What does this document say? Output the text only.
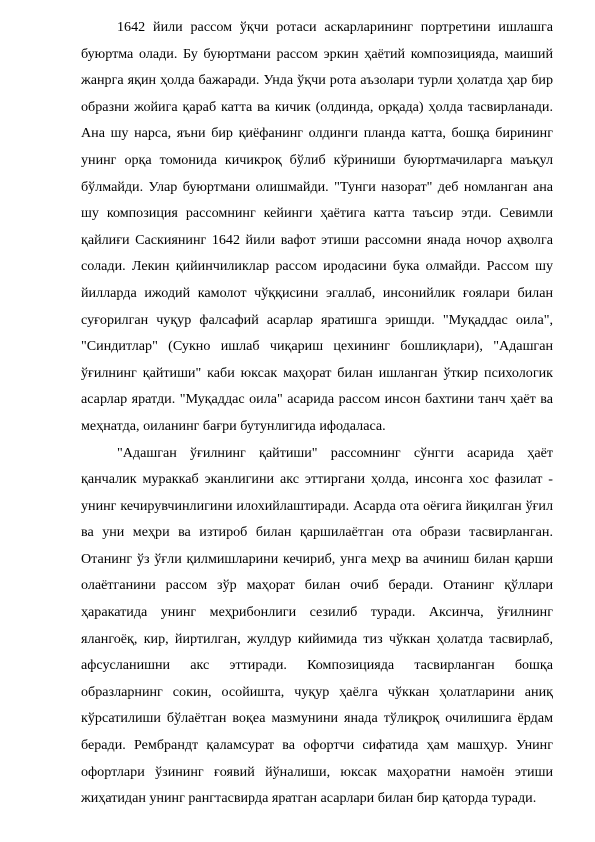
1642 йили рассом ўқчи ротаси аскарларининг портретини ишлашга буюртма олади. Бу буюртмани рассом эркин ҳаётий композицияда, маиший жанрга яқин ҳолда бажаради. Унда ўқчи рота аъзолари турли ҳолатда ҳар бир образни жойига қараб катта ва кичик (олдинда, орқада) ҳолда тасвирланади. Ана шу нарса, яъни бир қиёфанинг олдинги планда катта, бошқа бирининг унинг орқа томонида кичикроқ бўлиб кўриниши буюртмачиларга маъқул бўлмайди. Улар буюртмани олишмайди. "Тунги назорат" деб номланган ана шу композиция рассомнинг кейинги ҳаётига катта таъсир этди. Севимли қайлиғи Саскиянинг 1642 йили вафот этиши рассомни янада ночор аҳволга солади. Лекин қийинчиликлар рассом иродасини бука олмайди. Рассом шу йилларда ижодий камолот чўққисини эгаллаб, инсонийлик ғоялари билан суғорилган чуқур фалсафий асарлар яратишга эришди. "Муқаддас оила", "Синдитлар" (Сукно ишлаб чиқариш цехининг бошлиқлари), "Адашган ўғилнинг қайтиши" каби юксак маҳорат билан ишланган ўткир психологик асарлар яратди. "Муқаддас оила" асарида рассом инсон бахтини танч ҳаёт ва меҳнатда, оиланинг бағри бутунлигида ифодаласа.

"Адашган ўғилнинг қайтиши" рассомнинг сўнгги асарида ҳаёт қанчалик мураккаб эканлигини акс эттиргани ҳолда, инсонга хос фазилат - унинг кечирувчинлигини илохийлаштиради. Асарда ота оёғига йиқилган ўғил ва уни меҳри ва изтироб билан қаршилаётган ота образи тасвирланган. Отанинг ўз ўғли қилмишларини кечириб, унга меҳр ва ачиниш билан қарши олаётганини рассом зўр маҳорат билан очиб беради. Отанинг қўллари ҳаракатида унинг меҳрибонлиги сезилиб туради. Аксинча, ўғилнинг ялангоёқ, кир, йиртилган, жулдур кийимида тиз чўккан ҳолатда тасвирлаб, афсусланишни акс эттиради. Композицияда тасвирланган бошқа образларнинг сокин, осойишта, чуқур ҳаёлга чўккан ҳолатларини аниқ кўрсатилиши бўлаётган воқеа мазмунини янада тўлиқроқ очилишига ёрдам беради. Рембрандт қаламсурат ва офортчи сифатида ҳам машҳур. Унинг офортлари ўзининг ғоявий йўналиши, юксак маҳоратни намоён этиши жиҳатидан унинг рангтасвирда яратган асарлари билан бир қаторда туради.
